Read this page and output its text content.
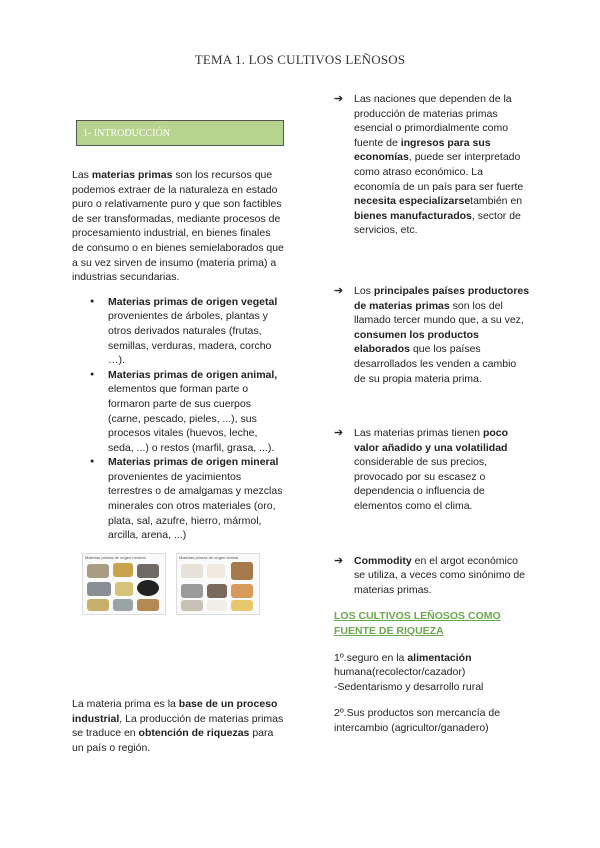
TEMA 1. LOS CULTIVOS LEÑOSOS
1- INTRODUCCIÓN

Las materias primas son los recursos que podemos extraer de la naturaleza en estado puro o relativamente puro y que son factibles de ser transformadas, mediante procesos de procesamiento industrial, en bienes finales de consumo o en bienes semielaborados que a su vez sirven de insumo (materia prima) a industrias secundarias.

● Materias primas de origen vegetal provenientes de árboles, plantas y otros derivados naturales (frutas, semillas, verduras, madera, corcho …).
● Materias primas de origen animal, elementos que forman parte o formaron parte de sus cuerpos (carne, pescado, pieles, ...), sus procesos vitales (huevos, leche, seda, ...) o restos (marfil, grasa, ...).
● Materias primas de origen mineral provenientes de yacimientos terrestres o de amalgamas y mezclas minerales con otros materiales (oro, plata, sal, azufre, hierro, mármol, arcilla, arena, ...)
Materias primas de origen mineral	Materias primas de origen animal

La materia prima es la base de un proceso industrial, La producción de materias primas se traduce en obtención de riquezas para un país o región.

➔ Las naciones que dependen de la producción de materias primas esencial o primordialmente como fuente de ingresos para sus economías, puede ser interpretado como atraso económico. La economía de un país para ser fuerte necesita especializarsetambién en bienes manufacturados, sector de servicios, etc.
➔ Los principales países productores de materias primas son los del llamado tercer mundo que, a su vez, consumen los productos elaborados que los países desarrollados les venden a cambio de su propia materia prima.
➔ Las materias primas tienen poco valor añadido y una volatilidad considerable de sus precios, provocado por su escasez o dependencia o influencia de elementos como el clima.
➔ Commodity en el argot económico se utiliza, a veces como sinónimo de materias primas.
LOS CULTIVOS LEÑOSOS COMO FUENTE DE RIQUEZA

1º.seguro en la alimentación
humana(recolector/cazador)

-Sedentarismo y desarrollo rural

2º.Sus productos son mercancía de intercambio (agricultor/ganadero)
